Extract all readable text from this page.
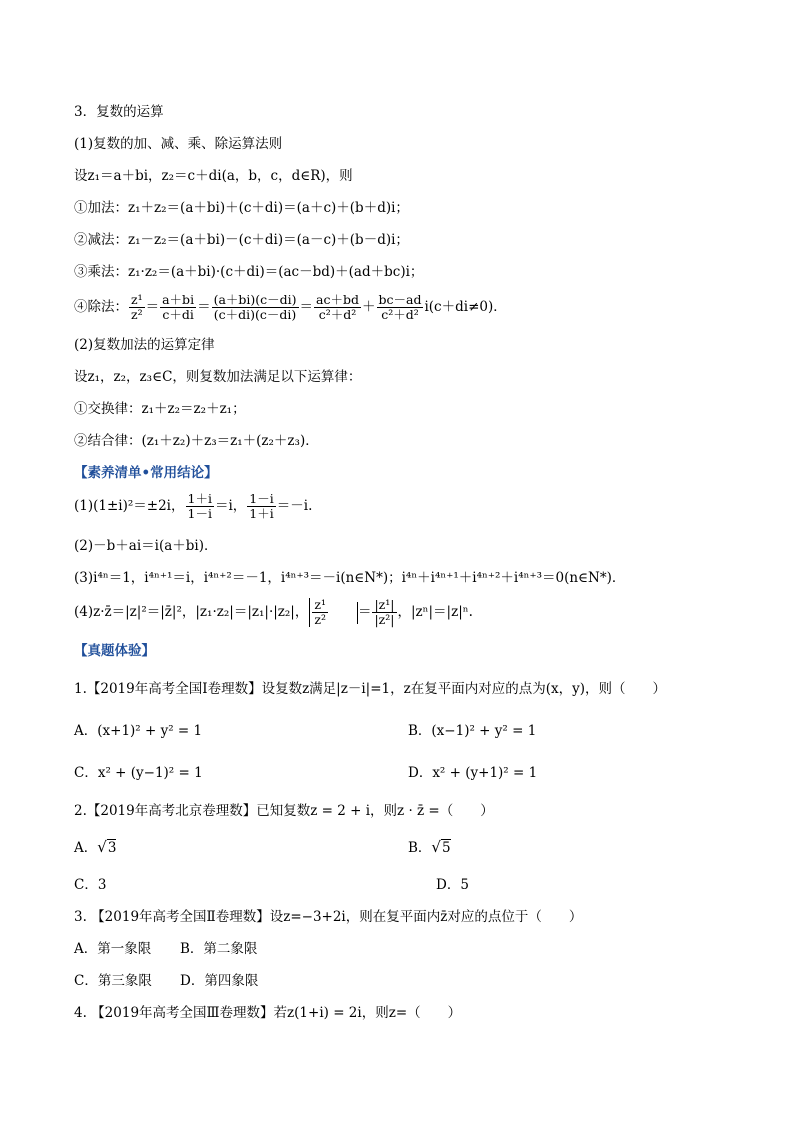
3．复数的运算
(1)复数的加、减、乘、除运算法则
设z₁＝a＋bi，z₂＝c＋di(a，b，c，d∈R)，则
①加法：z₁＋z₂＝(a＋bi)＋(c＋di)＝(a＋c)＋(b＋d)i；
②减法：z₁－z₂＝(a＋bi)－(c＋di)＝(a－c)＋(b－d)i；
③乘法：z₁·z₂＝(a＋bi)·(c＋di)＝(ac－bd)＋(ad＋bc)i；
④除法： $\frac{\text{z¹}}{\text{z²}} = \frac{a+bi}{c+di} = \frac{(a+bi)(c-di)}{(c+di)(c-di)} = \frac{ac+bd}{\text{c²＋d²}} + \frac{bc-ad}{\text{c²＋d²}} i(c+di\ne 0)$．
(2)复数加法的运算定律
设z₁，z₂，z₃∈C，则复数加法满足以下运算律：
①交换律：z₁＋z₂＝z₂＋z₁；
②结合律：(z₁＋z₂)＋z₃＝z₁＋(z₂＋z₃)．
【素养清单•常用结论】
(1)(1±i)²＝±2i， $\frac{1+i}{1-i} =i$， $\frac{1-i}{1+i} =-i$.
(2)－b＋ai＝i(a＋bi)．
(3)i⁴ⁿ＝1，i⁴ⁿ⁺¹＝i，i⁴ⁿ⁺²＝－1，i⁴ⁿ⁺³＝－i(n∈N*)；i⁴ⁿ＋i⁴ⁿ⁺¹＋i⁴ⁿ⁺²＋i⁴ⁿ⁺³＝0(n∈N*)．
(4)z·z̄＝|z|²＝|z̄|²，|z₁·z₂|＝|z₁|·|z₂|， $\frac{\text{z¹}}{\text{z²}} = \frac{\text{|z¹|}}{\text{|z²|}}$ ，|zⁿ|＝|z|ⁿ.
【真题体验】
1.【2019年高考全国Ⅰ卷理数】设复数z满足|z－i|=1，z在复平面内对应的点为(x，y)，则（　　）
A．(x+1)² + y² = 1	B．(x−1)² + y² = 1
C．x² + (y−1)² = 1	D．x² + (y+1)² = 1
2.【2019年高考北京卷理数】已知复数z = 2 + i，则z · z̄ =（　　）
A．√3	B．√5
C．3	D．5
3. 【2019年高考全国Ⅱ卷理数】设z=−3+2i，则在复平面内z̄对应的点位于（　　）
A．第一象限 B．第二象限
C．第三象限 D．第四象限
4. 【2019年高考全国Ⅲ卷理数】若z(1+i) = 2i，则z=（　　）
